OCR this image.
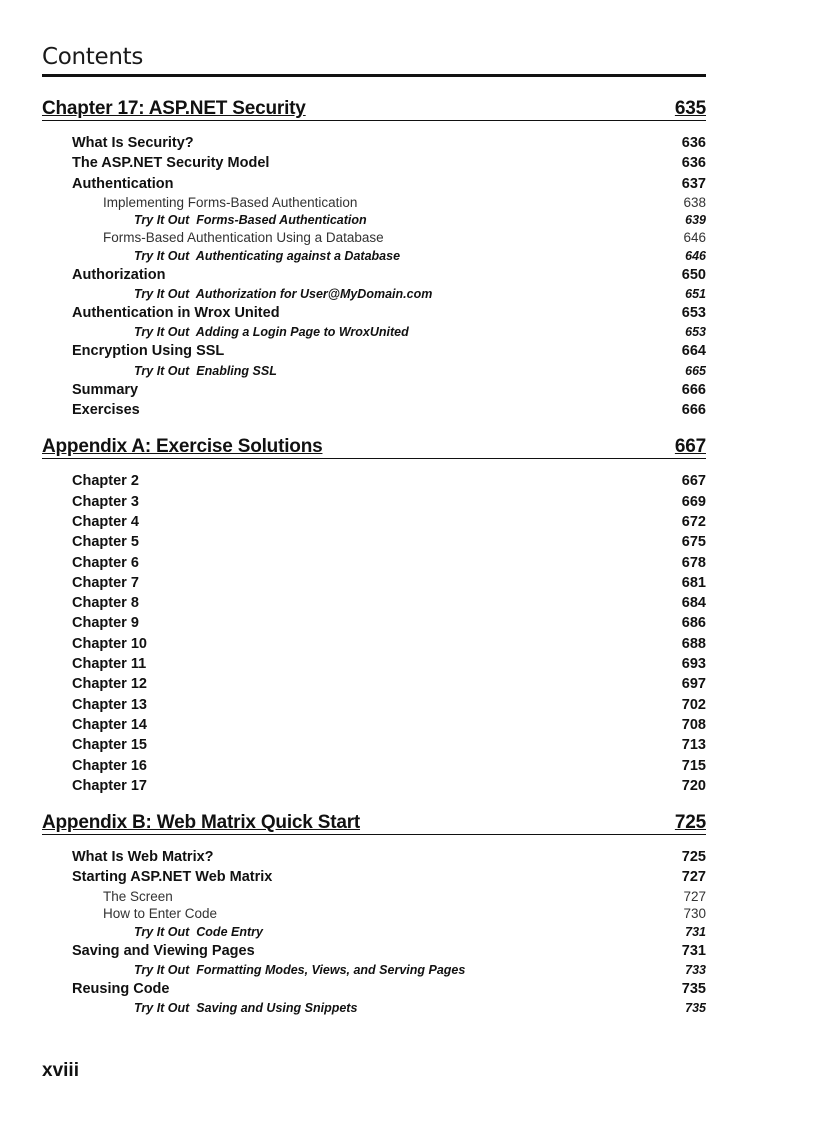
Contents
Chapter 17: ASP.NET Security	635
What Is Security?	636
The ASP.NET Security Model	636
Authentication	637
Implementing Forms-Based Authentication	638
Try It Out  Forms-Based Authentication	639
Forms-Based Authentication Using a Database	646
Try It Out  Authenticating against a Database	646
Authorization	650
Try It Out  Authorization for User@MyDomain.com	651
Authentication in Wrox United	653
Try It Out  Adding a Login Page to WroxUnited	653
Encryption Using SSL	664
Try It Out  Enabling SSL	665
Summary	666
Exercises	666
Appendix A: Exercise Solutions	667
Chapter 2	667
Chapter 3	669
Chapter 4	672
Chapter 5	675
Chapter 6	678
Chapter 7	681
Chapter 8	684
Chapter 9	686
Chapter 10	688
Chapter 11	693
Chapter 12	697
Chapter 13	702
Chapter 14	708
Chapter 15	713
Chapter 16	715
Chapter 17	720
Appendix B: Web Matrix Quick Start	725
What Is Web Matrix?	725
Starting ASP.NET Web Matrix	727
The Screen	727
How to Enter Code	730
Try It Out  Code Entry	731
Saving and Viewing Pages	731
Try It Out  Formatting Modes, Views, and Serving Pages	733
Reusing Code	735
Try It Out  Saving and Using Snippets	735
xviii
